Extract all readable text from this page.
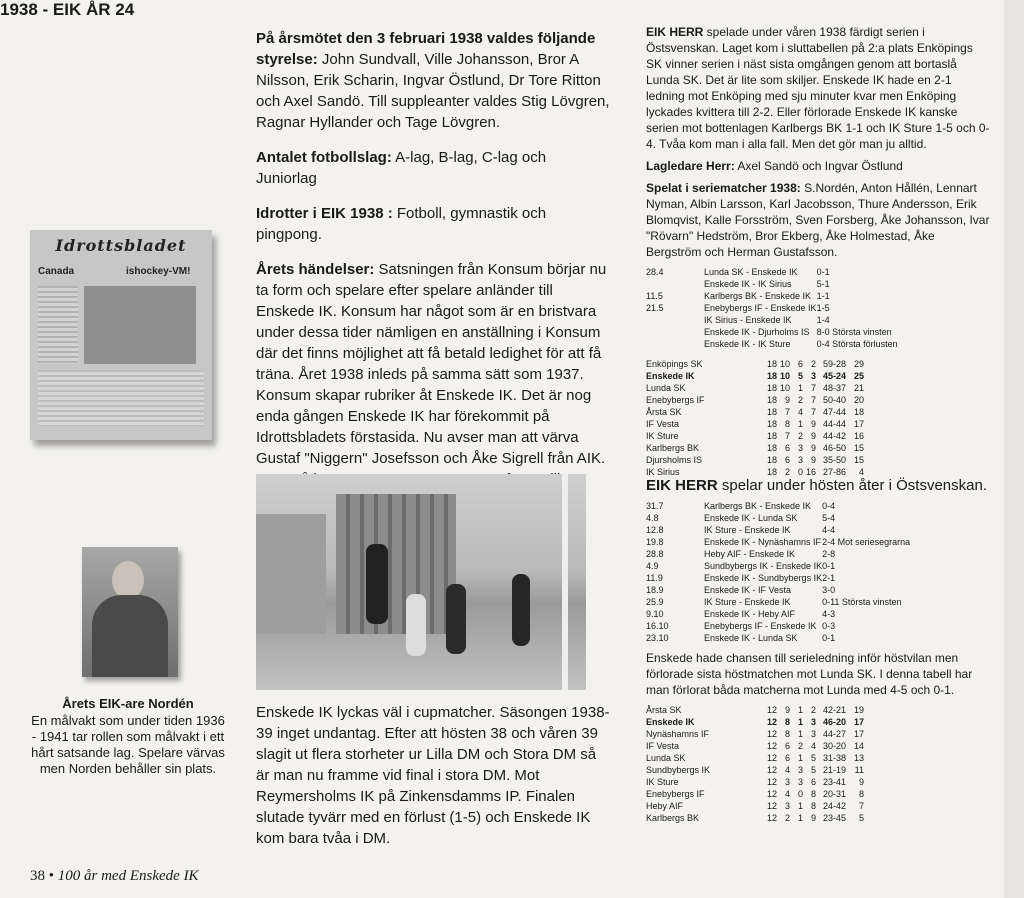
1938 - EIK ÅR 24
Idrottsbladet
Canada	ishockey-VM!
Årets EIK-are Nordén
En målvakt som under tiden 1936 - 1941 tar rollen som målvakt i ett hårt satsande lag. Spelare värvas men Norden behåller sin plats.
38 • 100 år med Enskede IK

På årsmötet den 3 februari 1938 valdes följande styrelse: John Sundvall, Ville Johansson, Bror A Nilsson, Erik Scharin, Ingvar Östlund, Dr Tore Ritton och Axel Sandö. Till suppleanter valdes Stig Lövgren, Ragnar Hyllander och Tage Lövgren.

Antalet fotbollslag: A-lag, B-lag, C-lag och Juniorlag

Idrotter i EIK 1938 : Fotboll, gymnastik och pingpong.

Årets händelser: Satsningen från Konsum börjar nu ta form och spelare efter spelare anländer till Enskede IK. Konsum har något som är en bristvara under dessa tider nämligen en anställning i Konsum där det finns möjlighet att få betald ledighet för att få träna. Året 1938 inleds på samma sätt som 1937. Konsum skapar rubriker åt Enskede IK. Det är nog enda gången Enskede IK har förekommit på Idrottsbladets förstasida. Nu avser man att värva Gustaf "Niggern" Josefsson och Åke Sigrell från AIK.

Enskede IK lyckas väl i cupmatcher. Säsongen 1938-39 inget undantag. Efter att hösten 38 och våren 39 slagit ut flera storheter ur Lilla DM och Stora DM så är man nu framme vid final i stora DM. Mot Reymersholms IK på Zinkensdamms IP. Finalen slutade tyvärr med en förlust (1-5) och Enskede IK kom bara tvåa i DM.

EIK HERR spelade under våren 1938 färdigt serien i Östsvenskan. Laget kom i sluttabellen på 2:a plats Enköpings SK vinner serien i näst sista omgången genom att bortaslå Lunda SK. Det är lite som skiljer. Enskede IK hade en 2-1 ledning mot Enköping med sju minuter kvar men Enköping lyckades kvittera till 2-2. Eller förlorade Enskede IK kanske serien mot bottenlagen Karlbergs BK 1-1 och IK Sture 1-5 och 0-4. Tvåa kom man i alla fall. Men det gör man ju alltid.

Lagledare Herr: Axel Sandö och Ingvar Östlund

Spelat i seriematcher 1938: S.Nordén, Anton Hållén, Lennart Nyman, Albin Larsson, Karl Jacobsson, Thure Andersson, Erik Blomqvist, Kalle Forsström, Sven Forsberg, Åke Johansson, Ivar "Rövarn" Hedström, Bror Ekberg, Åke Holmestad, Åke Bergström och Herman Gustafsson.

28.4	Lunda SK - Enskede IK	0-1
	Enskede IK - IK Sirius	5-1
11.5	Karlbergs BK - Enskede IK	1-1
21.5	Enebybergs IF - Enskede IK	1-5
	IK Sirius - Enskede IK	1-4
	Enskede IK - Djurholms IS	8-0 Största vinsten
	Enskede IK - IK Sture	0-4 Största förlusten
Enköpings SK	18	10	6	2	59-28	29
Enskede IK	18	10	5	3	45-24	25
Lunda SK	18	10	1	7	48-37	21
Enebybergs IF	18	9	2	7	50-40	20
Årsta SK	18	7	4	7	47-44	18
IF Vesta	18	8	1	9	44-44	17
IK Sture	18	7	2	9	44-42	16
Karlbergs BK	18	6	3	9	46-50	15
Djursholms IS	18	6	3	9	35-50	15
IK Sirius	18	2	0	16	27-86	4

EIK HERR spelar under hösten åter i Östsvenskan.

31.7	Karlbergs BK - Enskede IK	0-4
4.8	Enskede IK - Lunda SK	5-4
12.8	IK Sture - Enskede IK	4-4
19.8	Enskede IK - Nynäshamns IF	2-4 Mot seriesegrarna
28.8	Heby AIF - Enskede IK	2-8
4.9	Sundbybergs IK - Enskede IK	0-1
11.9	Enskede IK - Sundbybergs IK	2-1
18.9	Enskede IK - IF Vesta	3-0
25.9	IK Sture - Enskede IK	0-11 Största vinsten
9.10	Enskede IK - Heby AIF	4-3
16.10	Enebybergs IF - Enskede IK	0-3
23.10	Enskede IK - Lunda SK	0-1

Enskede hade chansen till serieledning inför höstvilan men förlorade sista höstmatchen mot Lunda SK. I denna tabell har man förlorat båda matcherna mot Lunda med 4-5 och 0-1.

Årsta SK	12	9	1	2	42-21	19
Enskede IK	12	8	1	3	46-20	17
Nynäshamns IF	12	8	1	3	44-27	17
IF Vesta	12	6	2	4	30-20	14
Lunda SK	12	6	1	5	31-38	13
Sundbybergs IK	12	4	3	5	21-19	11
IK Sture	12	3	3	6	23-41	9
Enebybergs IF	12	4	0	8	20-31	8
Heby AIF	12	3	1	8	24-42	7
Karlbergs BK	12	2	1	9	23-45	5
